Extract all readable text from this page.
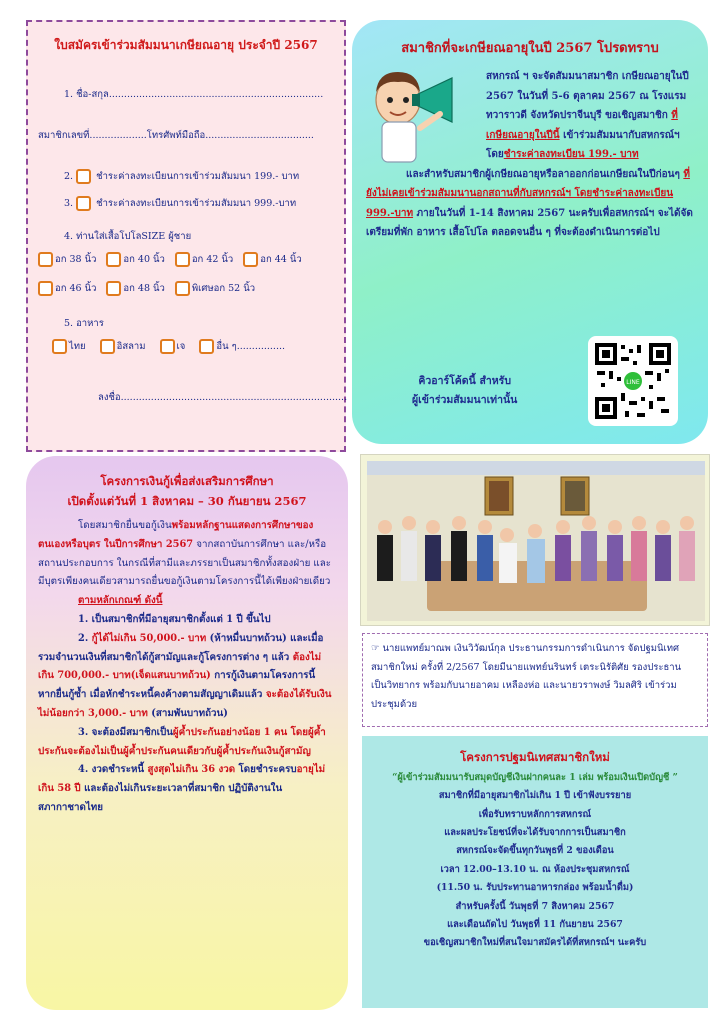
ใบสมัครเข้าร่วมสัมมนาเกษียณอายุ ประจำปี 2567
1. ชื่อ-สกุล.......................................................................
สมาชิกเลขที่...................โทรศัพท์มือถือ....................................
2. ชำระค่าลงทะเบียนการเข้าร่วมสัมมนา 199.- บาท
3. ชำระค่าลงทะเบียนการเข้าร่วมสัมมนา 999.-บาท
4. ท่านใส่เสื้อโปโลSIZE ผู้ชาย
อก 38 นิ้ว	อก 40 นิ้ว	อก 42 นิ้ว	อก 44 นิ้ว
อก 46 นิ้ว	อก 48 นิ้ว	พิเศษอก 52 นิ้ว
5. อาหาร
ไทย	อิสลาม	เจ	อื่น ๆ................
ลงชื่อ...........................................................................
สมาชิกที่จะเกษียณอายุในปี 2567 โปรดทราบ
สหกรณ์ ฯ จะจัดสัมมนาสมาชิก เกษียณอายุในปี 2567 ในวันที่ 5-6 ตุลาคม 2567 ณ โรงแรมทวาราวดี จังหวัดปราจีนบุรี ขอเชิญสมาชิก ที่เกษียณอายุในปีนี้ เข้าร่วมสัมมนากับสหกรณ์ฯ โดยชำระค่าลงทะเบียน 199.- บาท
และสำหรับสมาชิกผู้เกษียณอายุหรือลาออกก่อนเกษียณในปีก่อนๆ ที่ยังไม่เคยเข้าร่วมสัมมนานอกสถานที่กับสหกรณ์ฯ โดยชำระค่าลงทะเบียน 999.-บาท ภายในวันที่ 1-14 สิงหาคม 2567 นะครับเพื่อสหกรณ์ฯ จะได้จัดเตรียมที่พัก อาหาร เสื้อโปโล ตลอดจนอื่น ๆ ที่จะต้องดำเนินการต่อไป
คิวอาร์โค้ดนี้ สำหรับ
ผู้เข้าร่วมสัมมนาเท่านั้น
LINE
โครงการเงินกู้เพื่อส่งเสริมการศึกษา
เปิดตั้งแต่วันที่ 1 สิงหาคม – 30 กันยายน 2567
โดยสมาชิกยื่นขอกู้เงินพร้อมหลักฐานแสดงการศึกษาของตนเองหรือบุตร ในปีการศึกษา 2567 จากสถาบันการศึกษา และ/หรือสถานประกอบการ ในกรณีที่สามีและภรรยาเป็นสมาชิกทั้งสองฝ่าย และมีบุตรเพียงคนเดียวสามารถยื่นขอกู้เงินตามโครงการนี้ได้เพียงฝ่ายเดียว
ตามหลักเกณฑ์ ดังนี้
1. เป็นสมาชิกที่มีอายุสมาชิกตั้งแต่ 1 ปี ขึ้นไป
2. กู้ได้ไม่เกิน 50,000.- บาท (ห้าหมื่นบาทถ้วน) และเมื่อรวมจำนวนเงินที่สมาชิกได้กู้สามัญและกู้โครงการต่าง ๆ แล้ว ต้องไม่เกิน 700,000.- บาท(เจ็ดแสนบาทถ้วน) การกู้เงินตามโครงการนี้ หากยื่นกู้ซ้ำ เมื่อหักชำระหนี้คงค้างตามสัญญาเดิมแล้ว จะต้องได้รับเงิน ไม่น้อยกว่า 3,000.- บาท (สามพันบาทถ้วน)
3. จะต้องมีสมาชิกเป็นผู้ค้ำประกันอย่างน้อย 1 คน โดยผู้ค้ำประกันจะต้องไม่เป็นผู้ค้ำประกันคนเดียวกับผู้ค้ำประกันเงินกู้สามัญ
4. งวดชำระหนี้ สูงสุดไม่เกิน 36 งวด โดยชำระครบอายุไม่เกิน 58 ปี และต้องไม่เกินระยะเวลาที่สมาชิก ปฏิบัติงานในสภากาชาดไทย
☞ นายแพทย์มาณพ เงินวิวัฒน์กุล ประธานกรรมการดำเนินการ จัดปฐมนิเทศสมาชิกใหม่ ครั้งที่ 2/2567 โดยมีนายแพทย์นรินทร์ เตระนิรัติศัย รองประธาน เป็นวิทยากร พร้อมกับนายอาคม เหลืองห่อ และนายวราพงษ์ วิมลศิริ เข้าร่วมประชุมด้วย
โครงการปฐมนิเทศสมาชิกใหม่
“ผู้เข้าร่วมสัมมนารับสมุดบัญชีเงินฝากคนละ 1 เล่ม พร้อมเงินเปิดบัญชี ”
สมาชิกที่มีอายุสมาชิกไม่เกิน 1 ปี เข้าฟังบรรยาย
เพื่อรับทราบหลักการสหกรณ์
และผลประโยชน์ที่จะได้รับจากการเป็นสมาชิก
สหกรณ์จะจัดขึ้นทุกวันพุธที่ 2 ของเดือน
เวลา 12.00–13.10 น. ณ ห้องประชุมสหกรณ์
(11.50 น. รับประทานอาหารกล่อง พร้อมน้ำดื่ม)
สำหรับครั้งนี้ วันพุธที่ 7 สิงหาคม 2567
และเดือนถัดไป วันพุธที่ 11 กันยายน 2567
ขอเชิญสมาชิกใหม่ที่สนใจมาสมัครได้ที่สหกรณ์ฯ นะครับ
